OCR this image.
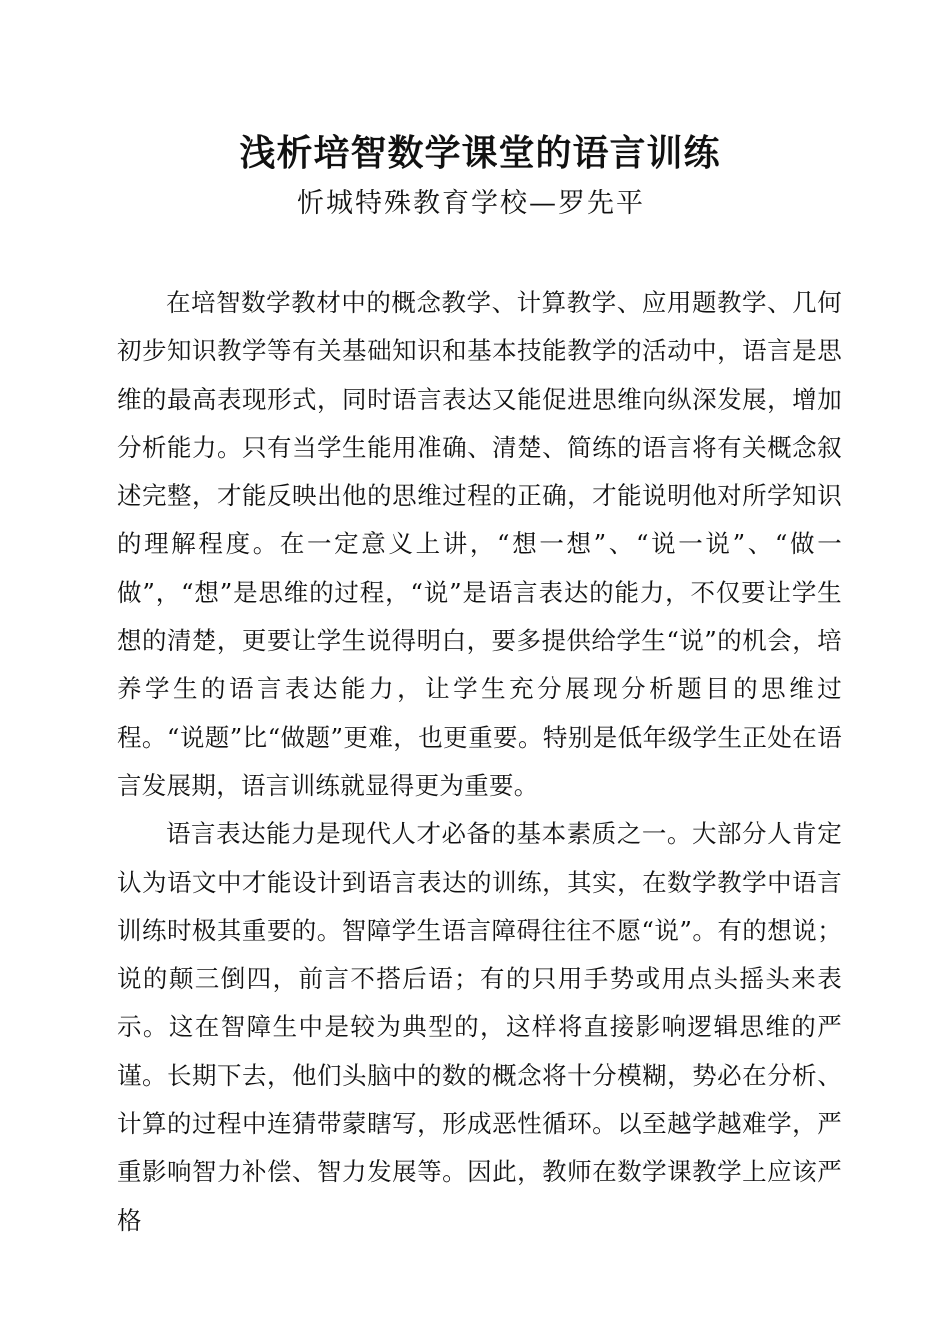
浅析培智数学课堂的语言训练

忻城特殊教育学校—罗先平

在培智数学教材中的概念教学、计算教学、应用题教学、几何初步知识教学等有关基础知识和基本技能教学的活动中，语言是思维的最高表现形式，同时语言表达又能促进思维向纵深发展，增加分析能力。只有当学生能用准确、清楚、简练的语言将有关概念叙述完整，才能反映出他的思维过程的正确，才能说明他对所学知识的理解程度。在一定意义上讲，“想一想”、“说一说”、“做一做”，“想”是思维的过程，“说”是语言表达的能力，不仅要让学生想的清楚，更要让学生说得明白，要多提供给学生“说”的机会，培养学生的语言表达能力，让学生充分展现分析题目的思维过程。“说题”比“做题”更难，也更重要。特别是低年级学生正处在语言发展期，语言训练就显得更为重要。

语言表达能力是现代人才必备的基本素质之一。大部分人肯定认为语文中才能设计到语言表达的训练，其实，在数学教学中语言训练时极其重要的。智障学生语言障碍往往不愿“说”。有的想说；说的颠三倒四，前言不搭后语；有的只用手势或用点头摇头来表示。这在智障生中是较为典型的，这样将直接影响逻辑思维的严谨。长期下去，他们头脑中的数的概念将十分模糊，势必在分析、计算的过程中连猜带蒙瞎写，形成恶性循环。以至越学越难学，严重影响智力补偿、智力发展等。因此，教师在数学课教学上应该严格
